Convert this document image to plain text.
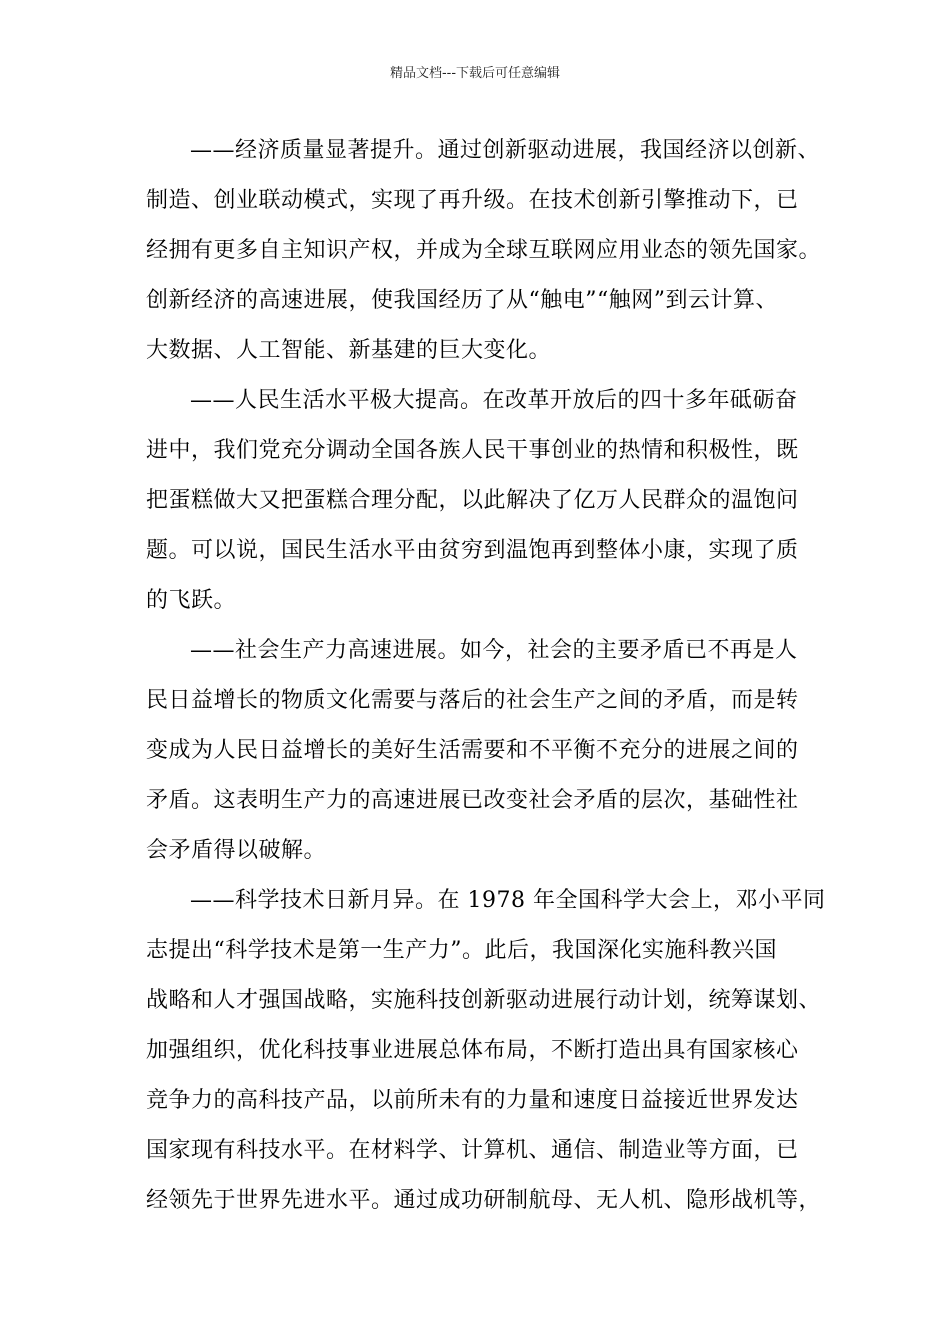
精品文档---下载后可任意编辑
——经济质量显著提升。通过创新驱动进展，我国经济以创新、
制造、创业联动模式，实现了再升级。在技术创新引擎推动下，已
经拥有更多自主知识产权，并成为全球互联网应用业态的领先国家。
创新经济的高速进展，使我国经历了从“触电”“触网”到云计算、
大数据、人工智能、新基建的巨大变化。
——人民生活水平极大提高。在改革开放后的四十多年砥砺奋
进中，我们党充分调动全国各族人民干事创业的热情和积极性，既
把蛋糕做大又把蛋糕合理分配，以此解决了亿万人民群众的温饱问
题。可以说，国民生活水平由贫穷到温饱再到整体小康，实现了质
的飞跃。
——社会生产力高速进展。如今，社会的主要矛盾已不再是人
民日益增长的物质文化需要与落后的社会生产之间的矛盾，而是转
变成为人民日益增长的美好生活需要和不平衡不充分的进展之间的
矛盾。这表明生产力的高速进展已改变社会矛盾的层次，基础性社
会矛盾得以破解。
——科学技术日新月异。在 1978 年全国科学大会上，邓小平同
志提出“科学技术是第一生产力”。此后，我国深化实施科教兴国
战略和人才强国战略，实施科技创新驱动进展行动计划，统筹谋划、
加强组织，优化科技事业进展总体布局，不断打造出具有国家核心
竞争力的高科技产品，以前所未有的力量和速度日益接近世界发达
国家现有科技水平。在材料学、计算机、通信、制造业等方面，已
经领先于世界先进水平。通过成功研制航母、无人机、隐形战机等，
